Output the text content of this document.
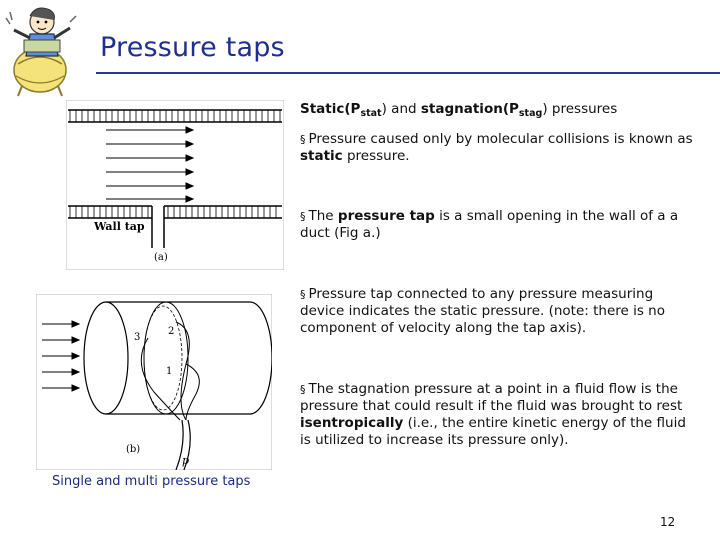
Pressure taps
Wall tap
(a)
2
3
1
(b)
p
Single and multi pressure taps
$Static(P_{stat})$ and $stagnation(P_{stag})$ pressures
§ Pressure caused only by molecular collisions is known as static pressure.
§ The pressure tap is a small opening in the wall of a a duct (Fig a.)
§ Pressure tap connected to any pressure measuring device indicates the static pressure. (note: there is no component of velocity along the tap axis).
§ The stagnation pressure at a point in a fluid flow is the pressure that could result if the fluid was brought to rest isentropically (i.e., the entire kinetic energy of the fluid is utilized to increase its pressure only).
12
